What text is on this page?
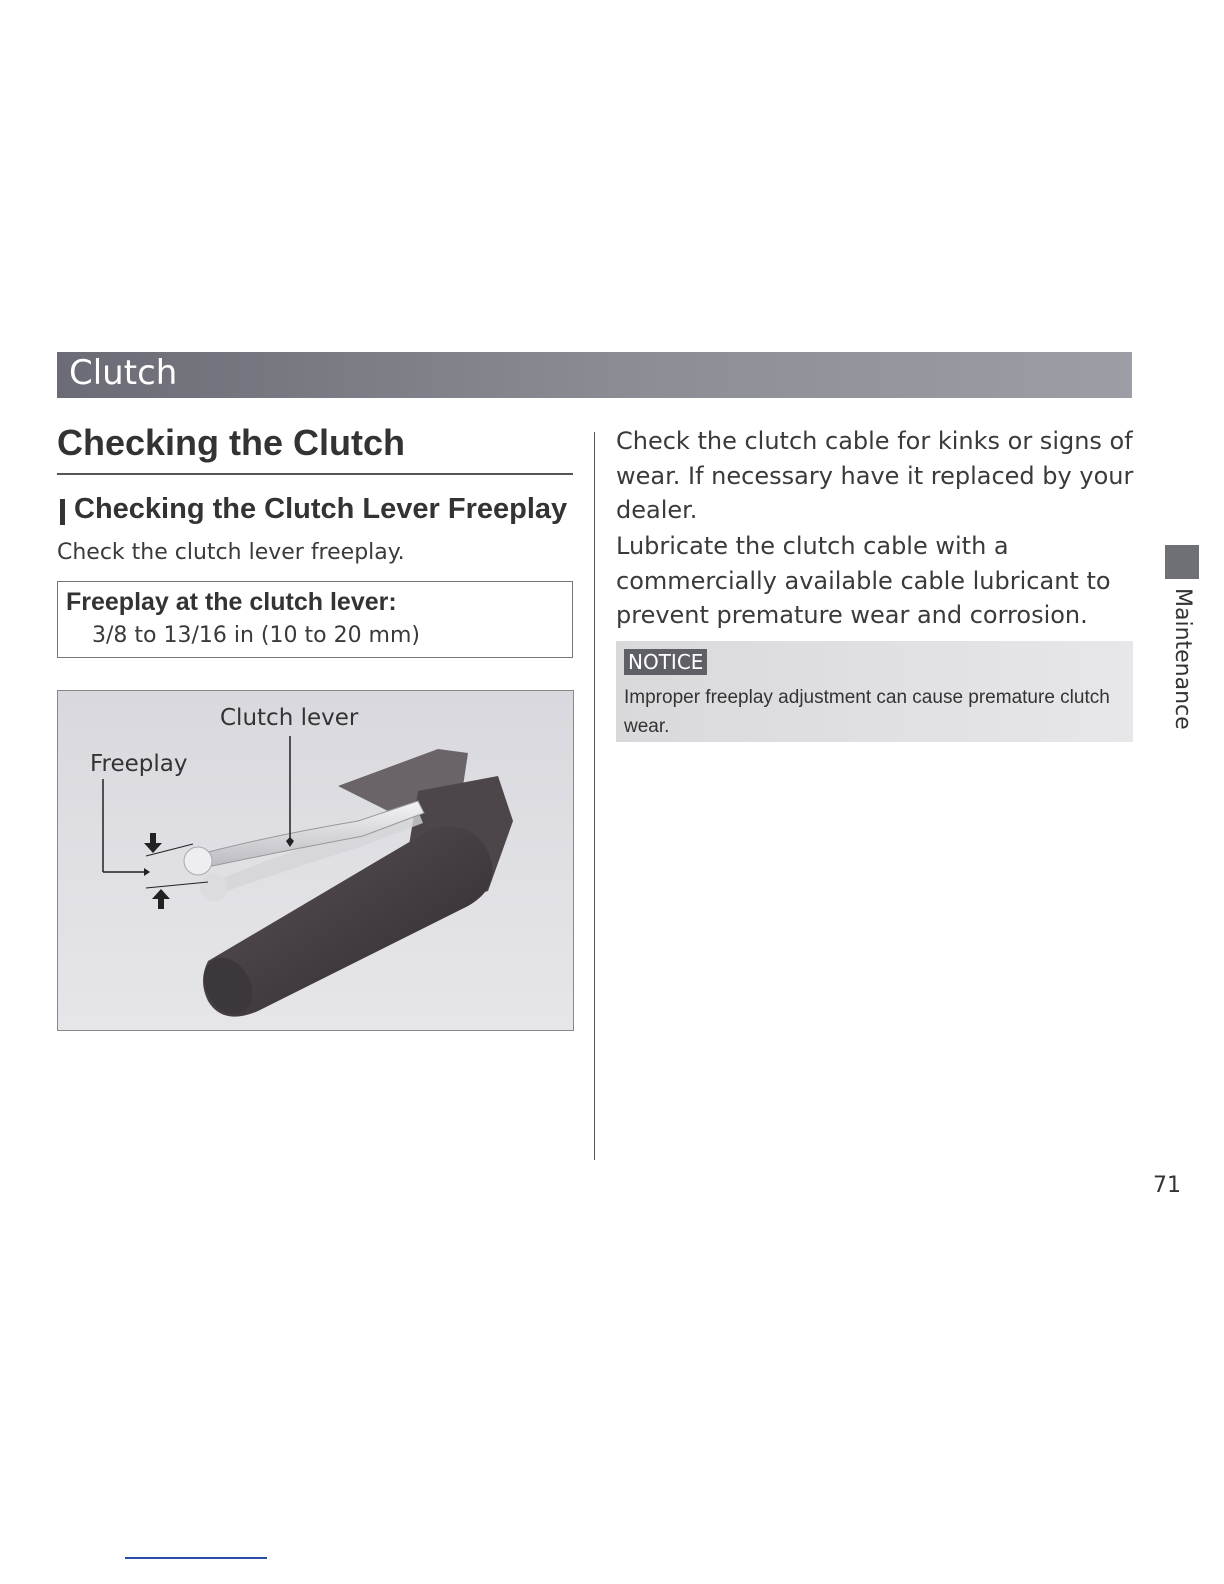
Clutch
Checking the Clutch
Checking the Clutch Lever Freeplay
Check the clutch lever freeplay.
Freeplay at the clutch lever:
3/8 to 13/16 in (10 to 20 mm)
Clutch lever
Freeplay
Check the clutch cable for kinks or signs of wear. If necessary have it replaced by your dealer.
Lubricate the clutch cable with a commercially available cable lubricant to prevent premature wear and corrosion.
NOTICE
Improper freeplay adjustment can cause premature clutch wear.	Maintenance
71
